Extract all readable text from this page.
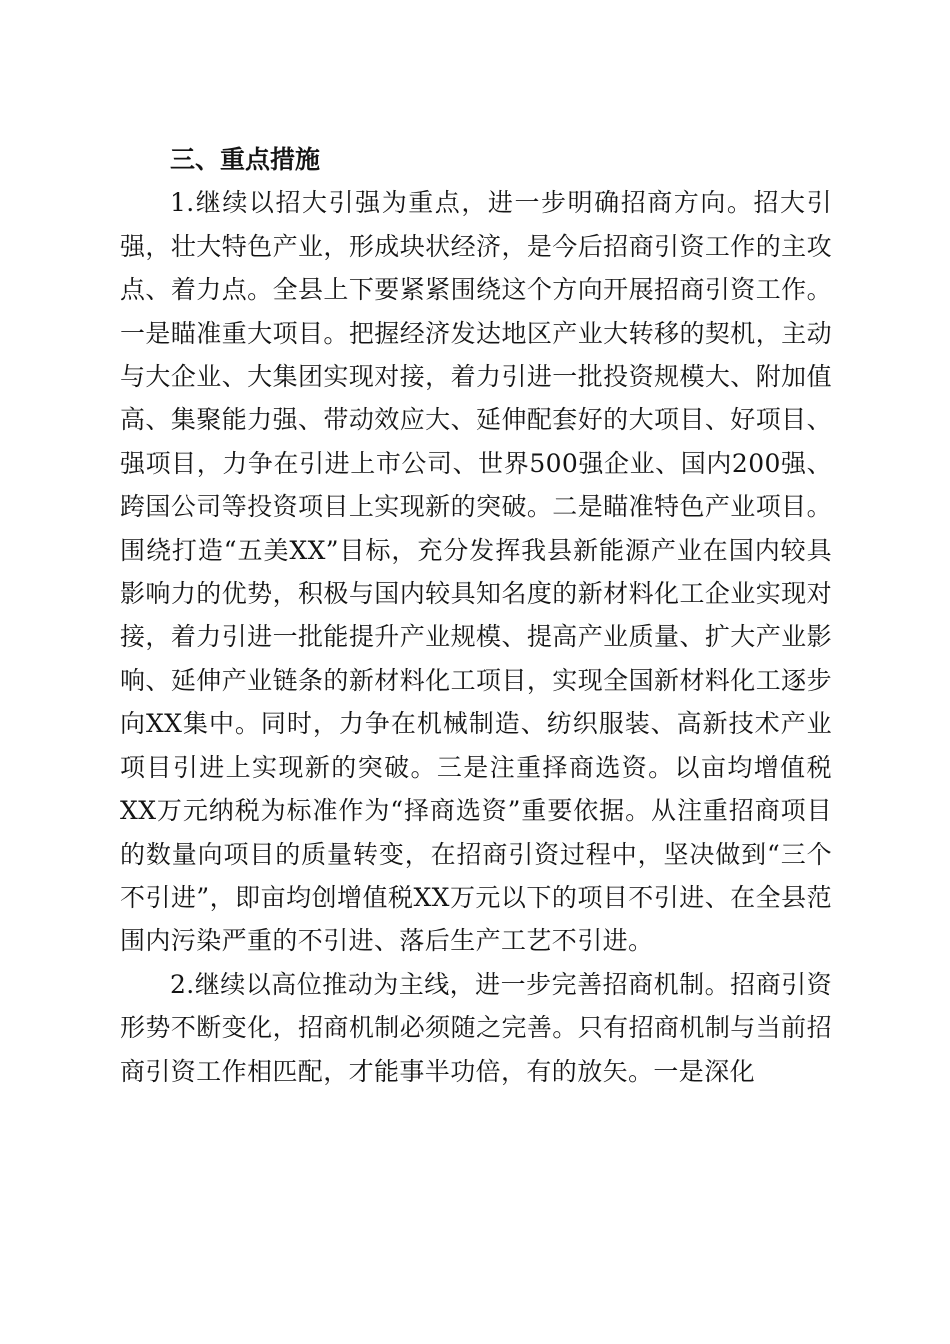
三、重点措施

1.继续以招大引强为重点，进一步明确招商方向。招大引强，壮大特色产业，形成块状经济，是今后招商引资工作的主攻点、着力点。全县上下要紧紧围绕这个方向开展招商引资工作。一是瞄准重大项目。把握经济发达地区产业大转移的契机，主动与大企业、大集团实现对接，着力引进一批投资规模大、附加值高、集聚能力强、带动效应大、延伸配套好的大项目、好项目、强项目，力争在引进上市公司、世界500强企业、国内200强、跨国公司等投资项目上实现新的突破。二是瞄准特色产业项目。围绕打造“五美XX”目标，充分发挥我县新能源产业在国内较具影响力的优势，积极与国内较具知名度的新材料化工企业实现对接，着力引进一批能提升产业规模、提高产业质量、扩大产业影响、延伸产业链条的新材料化工项目，实现全国新材料化工逐步向XX集中。同时，力争在机械制造、纺织服装、高新技术产业项目引进上实现新的突破。三是注重择商选资。以亩均增值税XX万元纳税为标准作为“择商选资”重要依据。从注重招商项目的数量向项目的质量转变，在招商引资过程中，坚决做到“三个不引进”，即亩均创增值税XX万元以下的项目不引进、在全县范围内污染严重的不引进、落后生产工艺不引进。

2.继续以高位推动为主线，进一步完善招商机制。招商引资形势不断变化，招商机制必须随之完善。只有招商机制与当前招商引资工作相匹配，才能事半功倍，有的放矢。一是深化
